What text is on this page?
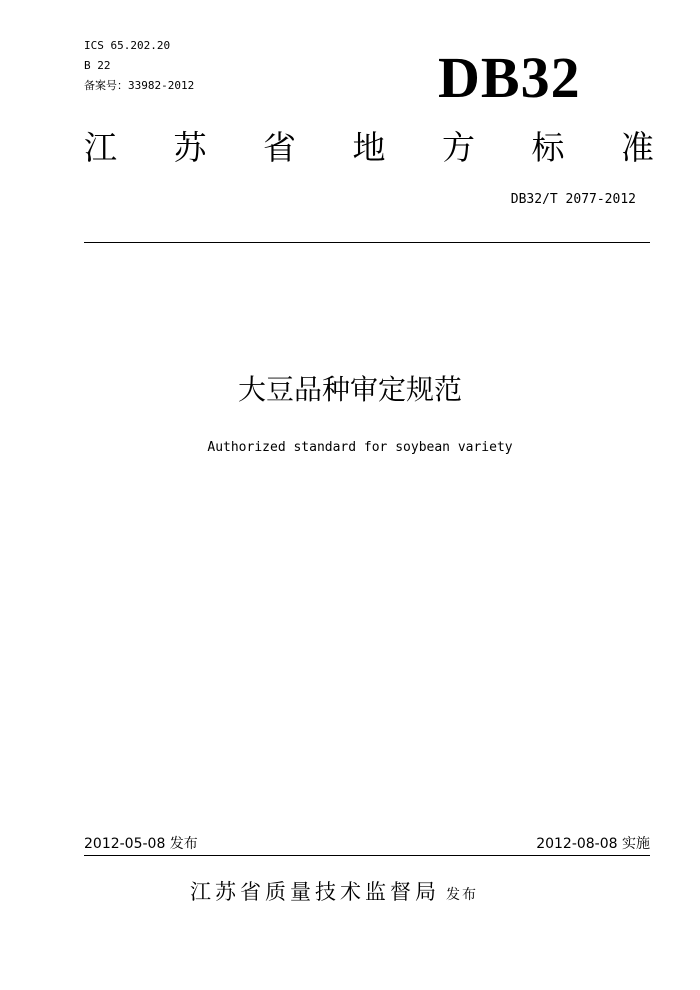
ICS 65.202.20
B 22
备案号：33982-2012	DB32
江 苏 省 地 方 标 准
DB32/T 2077-2012
大豆品种审定规范
Authorized standard for soybean variety
2012-05-08 发布	2012-08-08 实施
江苏省质量技术监督局 发布
